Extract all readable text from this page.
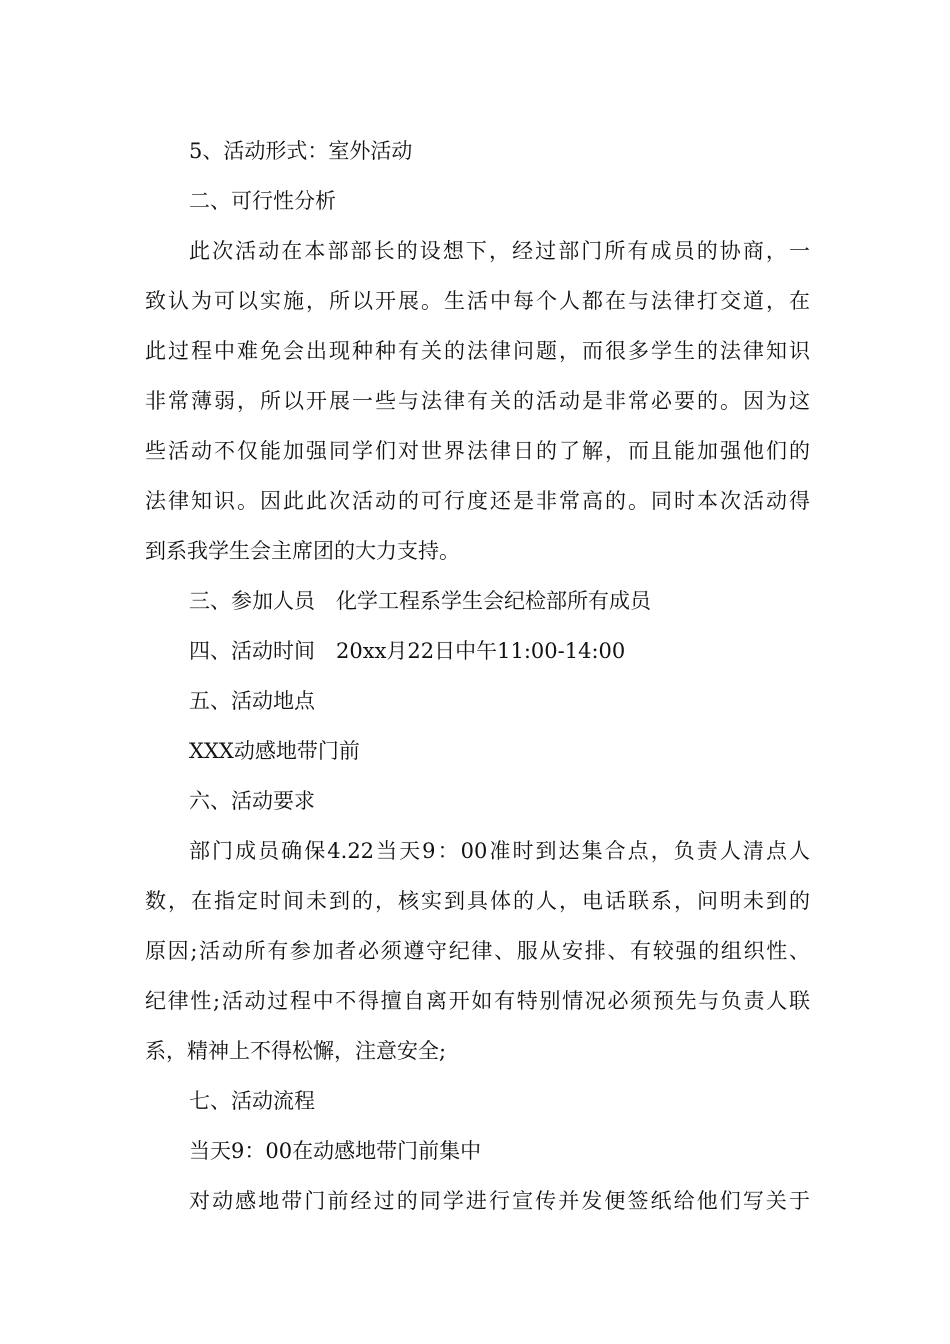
5、活动形式：室外活动
二、可行性分析
此次活动在本部部长的设想下，经过部门所有成员的协商，一
致认为可以实施，所以开展。生活中每个人都在与法律打交道，在
此过程中难免会出现种种有关的法律问题，而很多学生的法律知识
非常薄弱，所以开展一些与法律有关的活动是非常必要的。因为这
些活动不仅能加强同学们对世界法律日的了解，而且能加强他们的
法律知识。因此此次活动的可行度还是非常高的。同时本次活动得
到系我学生会主席团的大力支持。
三、参加人员　化学工程系学生会纪检部所有成员
四、活动时间　20xx月22日中午11:00-14:00
五、活动地点
XXX动感地带门前
六、活动要求
部门成员确保4.22当天9：00准时到达集合点，负责人清点人
数，在指定时间未到的，核实到具体的人，电话联系，问明未到的
原因;活动所有参加者必须遵守纪律、服从安排、有较强的组织性、
纪律性;活动过程中不得擅自离开如有特别情况必须预先与负责人联
系，精神上不得松懈，注意安全;
七、活动流程
当天9：00在动感地带门前集中
对动感地带门前经过的同学进行宣传并发便签纸给他们写关于
